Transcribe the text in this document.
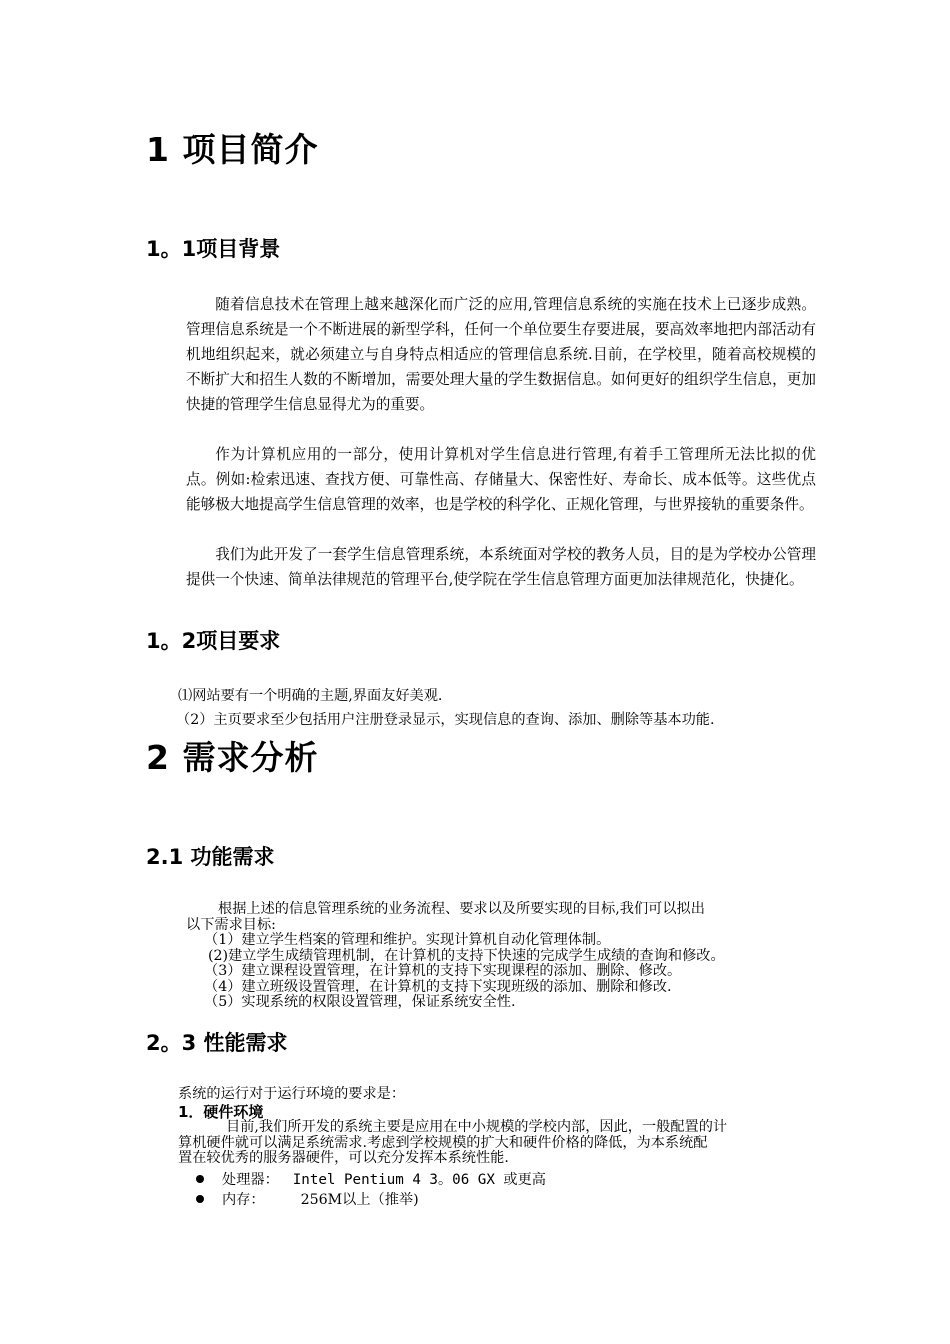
1 项目简介
1。1项目背景

随着信息技术在管理上越来越深化而广泛的应用,管理信息系统的实施在技术上已逐步成熟。管理信息系统是一个不断进展的新型学科，任何一个单位要生存要进展，要高效率地把内部活动有机地组织起来，就必须建立与自身特点相适应的管理信息系统.目前，在学校里，随着高校规模的不断扩大和招生人数的不断增加，需要处理大量的学生数据信息。如何更好的组织学生信息，更加快捷的管理学生信息显得尤为的重要。

作为计算机应用的一部分，使用计算机对学生信息进行管理,有着手工管理所无法比拟的优点。例如:检索迅速、查找方便、可靠性高、存储量大、保密性好、寿命长、成本低等。这些优点能够极大地提高学生信息管理的效率，也是学校的科学化、正规化管理，与世界接轨的重要条件。

我们为此开发了一套学生信息管理系统，本系统面对学校的教务人员，目的是为学校办公管理提供一个快速、简单法律规范的管理平台,使学院在学生信息管理方面更加法律规范化，快捷化。

1。2项目要求

⑴网站要有一个明确的主题,界面友好美观.

（2）主页要求至少包括用户注册登录显示，实现信息的查询、添加、删除等基本功能.

2 需求分析
2.1 功能需求

根据上述的信息管理系统的业务流程、要求以及所要实现的目标,我们可以拟出

以下需求目标:

（1）建立学生档案的管理和维护。实现计算机自动化管理体制。

(2)建立学生成绩管理机制，在计算机的支持下快速的完成学生成绩的查询和修改。

（3）建立课程设置管理，在计算机的支持下实现课程的添加、删除、修改。

（4）建立班级设置管理，在计算机的支持下实现班级的添加、删除和修改.

（5）实现系统的权限设置管理，保证系统安全性.

2。3 性能需求

系统的运行对于运行环境的要求是：

1．硬件环境

目前,我们所开发的系统主要是应用在中小规模的学校内部，因此，一般配置的计

算机硬件就可以满足系统需求.考虑到学校规模的扩大和硬件价格的降低，为本系统配

置在较优秀的服务器硬件，可以充分发挥本系统性能.

处理器： Intel Pentium 4 3。06 GX 或更高
内存：	256M以上（推举)
